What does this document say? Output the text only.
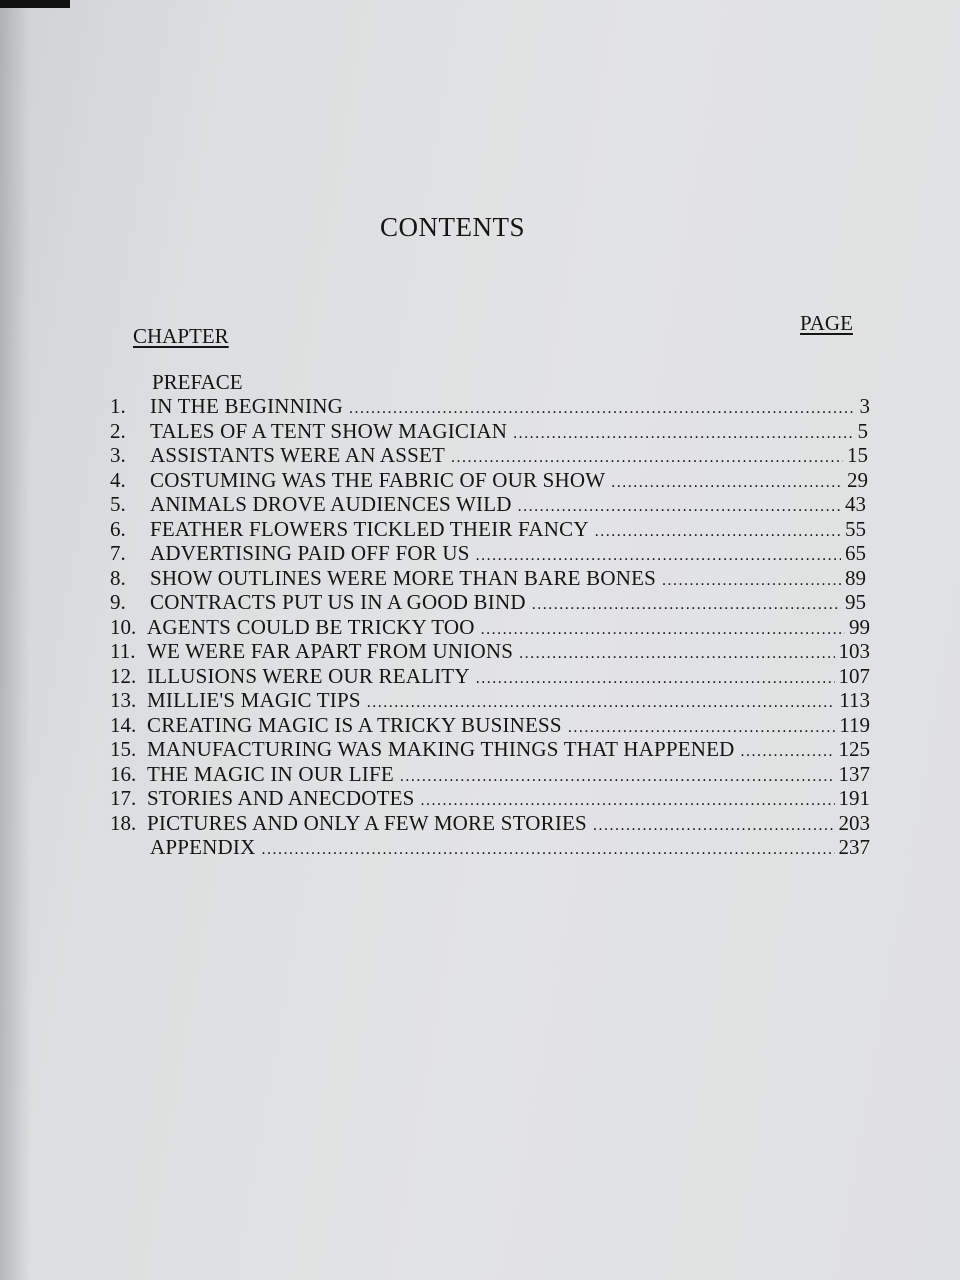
CONTENTS
CHAPTER
PAGE
PREFACE
1. IN THE BEGINNING .....	3
2. TALES OF A TENT SHOW MAGICIAN .....	5
3. ASSISTANTS WERE AN ASSET .....	15
4. COSTUMING WAS THE FABRIC OF OUR SHOW .....	29
5. ANIMALS DROVE AUDIENCES WILD .....	43
6. FEATHER FLOWERS TICKLED THEIR FANCY .....	55
7. ADVERTISING PAID OFF FOR US .....	65
8. SHOW OUTLINES WERE MORE THAN BARE BONES .....	89
9. CONTRACTS PUT US IN A GOOD BIND .....	95
10. AGENTS COULD BE TRICKY TOO .....	99
11. WE WERE FAR APART FROM UNIONS .....	103
12. ILLUSIONS WERE OUR REALITY .....	107
13. MILLIE'S MAGIC TIPS .....	113
14. CREATING MAGIC IS A TRICKY BUSINESS .....	119
15. MANUFACTURING WAS MAKING THINGS THAT HAPPENED .....	125
16. THE MAGIC IN OUR LIFE .....	137
17. STORIES AND ANECDOTES .....	191
18. PICTURES AND ONLY A FEW MORE STORIES .....	203
APPENDIX .....	237
